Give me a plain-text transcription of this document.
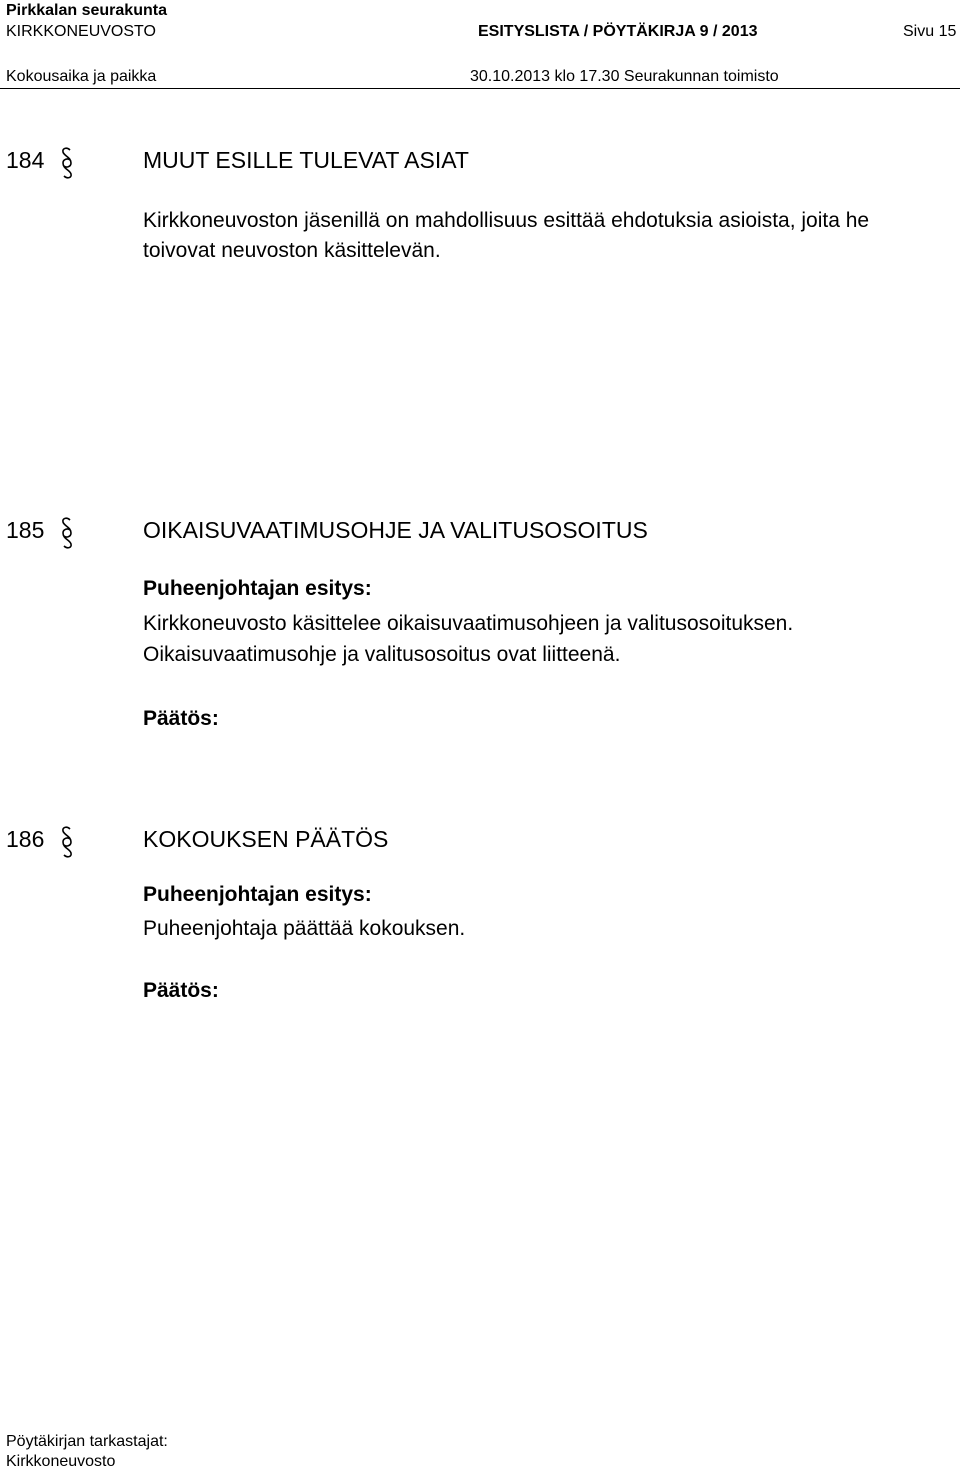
Pirkkalan seurakunta
KIRKKONEUVOSTO	ESITYSLISTA / PÖYTÄKIRJA 9 / 2013	Sivu 15
Kokousaika ja paikka	30.10.2013 klo 17.30 Seurakunnan toimisto
184	MUUT ESILLE TULEVAT ASIAT
Kirkkoneuvoston jäsenillä on mahdollisuus esittää ehdotuksia asioista, joita he
toivovat neuvoston käsittelevän.
185	OIKAISUVAATIMUSOHJE JA VALITUSOSOITUS
Puheenjohtajan esitys:
Kirkkoneuvosto käsittelee oikaisuvaatimusohjeen ja valitusosoituksen.
Oikaisuvaatimusohje ja valitusosoitus ovat liitteenä.
Päätös:
186	KOKOUKSEN PÄÄTÖS
Puheenjohtajan esitys:
Puheenjohtaja päättää kokouksen.
Päätös:
Pöytäkirjan tarkastajat:
Kirkkoneuvosto
